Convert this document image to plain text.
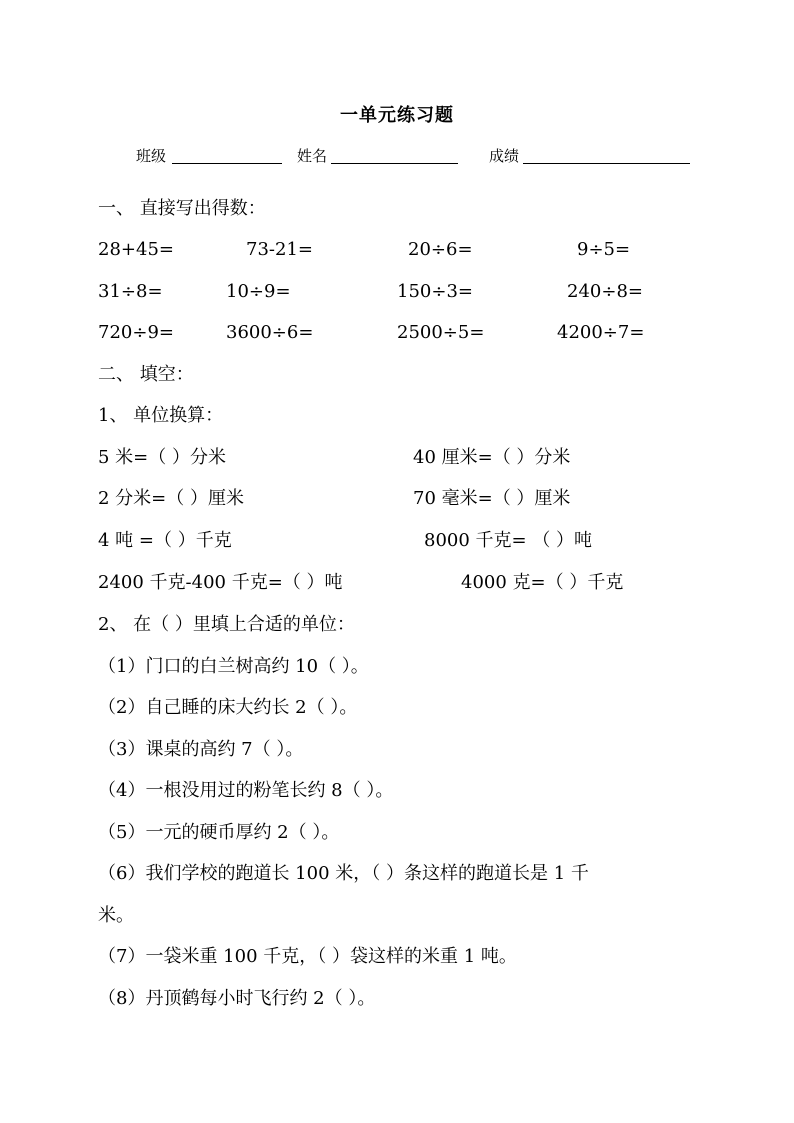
一单元练习题
班级	姓名	成绩
一、 直接写出得数：
28+45=	73-21=	20÷6=	9÷5=
31÷8=	10÷9=	150÷3=	240÷8=
720÷9=	3600÷6=	2500÷5=	4200÷7=
二、 填空：
1、 单位换算：
5 米=（ ）分米	40 厘米=（ ）分米
2 分米=（ ）厘米	70 毫米=（ ）厘米
4 吨 =（ ）千克	8000 千克= （ ）吨
2400 千克-400 千克=（ ）吨	4000 克=（ ）千克
2、 在（ ）里填上合适的单位：
（1）门口的白兰树高约 10（ ）。
（2）自己睡的床大约长 2（ ）。
（3）课桌的高约 7（ ）。
（4）一根没用过的粉笔长约 8（ ）。
（5）一元的硬币厚约 2（ ）。
（6）我们学校的跑道长 100 米，（ ）条这样的跑道长是 1 千
米。
（7）一袋米重 100 千克，（ ）袋这样的米重 1 吨。
（8）丹顶鹤每小时飞行约 2（ ）。
